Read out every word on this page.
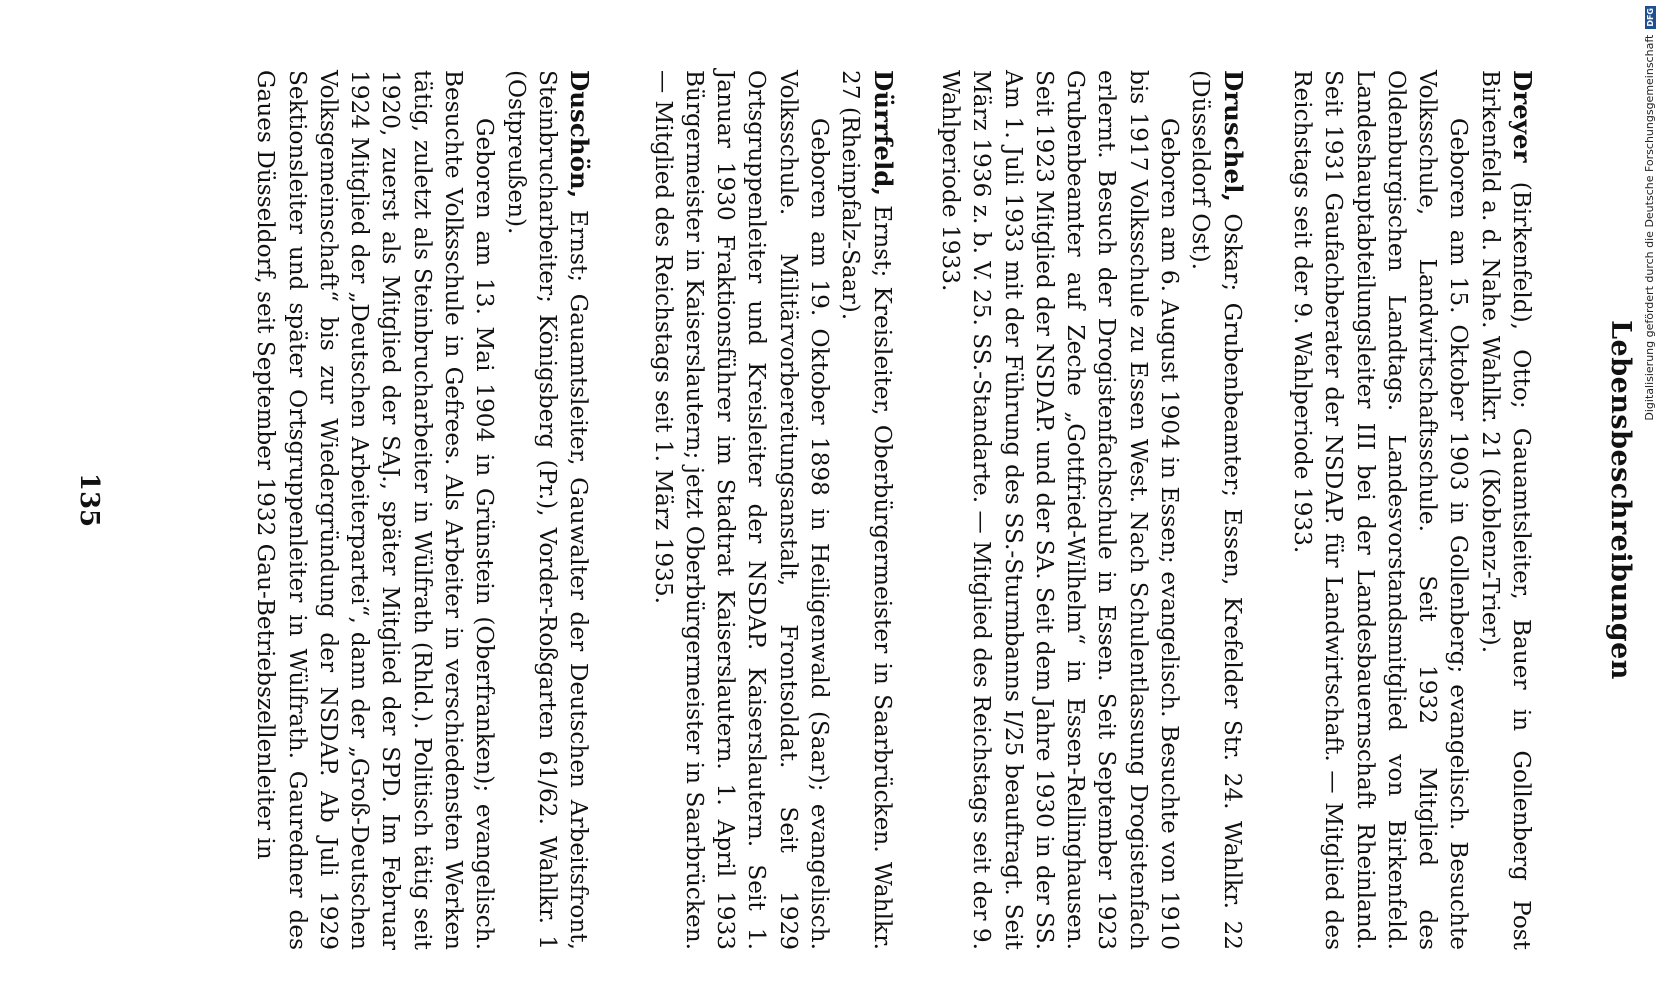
Lebensbeschreibungen

Dreyer (Birkenfeld), Otto; Gauamtsleiter, Bauer in Gollenberg Post Birkenfeld a. d. Nahe. Wahlkr. 21 (Koblenz-Trier).

Geboren am 15. Oktober 1903 in Gollenberg; evangelisch. Besuchte Volksschule, Landwirtschaftsschule. Seit 1932 Mitglied des Oldenburgischen Landtags. Landesvorstandsmitglied von Birkenfeld. Landeshauptabteilungsleiter III bei der Landesbauernschaft Rheinland. Seit 1931 Gaufachberater der NSDAP. für Landwirtschaft. — Mitglied des Reichstags seit der 9. Wahlperiode 1933.

Druschel, Oskar; Grubenbeamter; Essen, Krefelder Str. 24. Wahlkr. 22 (Düsseldorf Ost).

Geboren am 6. August 1904 in Essen; evangelisch. Besuchte von 1910 bis 1917 Volksschule zu Essen West. Nach Schulentlassung Drogistenfach erlernt. Besuch der Drogistenfachschule in Essen. Seit September 1923 Grubenbeamter auf Zeche „Gottfried-Wilhelm“ in Essen-Rellinghausen. Seit 1923 Mitglied der NSDAP. und der SA. Seit dem Jahre 1930 in der SS. Am 1. Juli 1933 mit der Führung des SS.-Sturmbanns I/25 beauftragt. Seit März 1936 z. b. V. 25. SS.-Standarte. — Mitglied des Reichstags seit der 9. Wahlperiode 1933.

Dürrfeld, Ernst; Kreisleiter, Oberbürgermeister in Saarbrücken. Wahlkr. 27 (Rheinpfalz-Saar).

Geboren am 19. Oktober 1898 in Heiligenwald (Saar); evangelisch. Volksschule. Militärvorbereitungsanstalt, Frontsoldat. Seit 1929 Ortsgruppenleiter und Kreisleiter der NSDAP. Kaiserslautern. Seit 1. Januar 1930 Fraktionsführer im Stadtrat Kaiserslautern. 1. April 1933 Bürgermeister in Kaiserslautern; jetzt Oberbürgermeister in Saarbrücken. — Mitglied des Reichstags seit 1. März 1935.

Duschön, Ernst; Gauamtsleiter, Gauwalter der Deutschen Arbeitsfront, Steinbrucharbeiter; Königsberg (Pr.), Vorder-Roßgarten 61/62. Wahlkr. 1 (Ostpreußen).

Geboren am 13. Mai 1904 in Grünstein (Oberfranken); evangelisch. Besuchte Volksschule in Gefrees. Als Arbeiter in verschiedensten Werken tätig, zuletzt als Steinbrucharbeiter in Wülfrath (Rhld.). Politisch tätig seit 1920, zuerst als Mitglied der SAJ., später Mitglied der SPD. Im Februar 1924 Mitglied der „Deutschen Arbeiterpartei“, dann der „Groß-Deutschen Volksgemeinschaft“ bis zur Wiedergründung der NSDAP. Ab Juli 1929 Sektionsleiter und später Ortsgruppenleiter in Wülfrath. Gauredner des Gaues Düsseldorf, seit September 1932 Gau-Betriebszellenleiter in

135
DFG
Digitalisierung gefördert durch die Deutsche Forschungsgemeinschaft
